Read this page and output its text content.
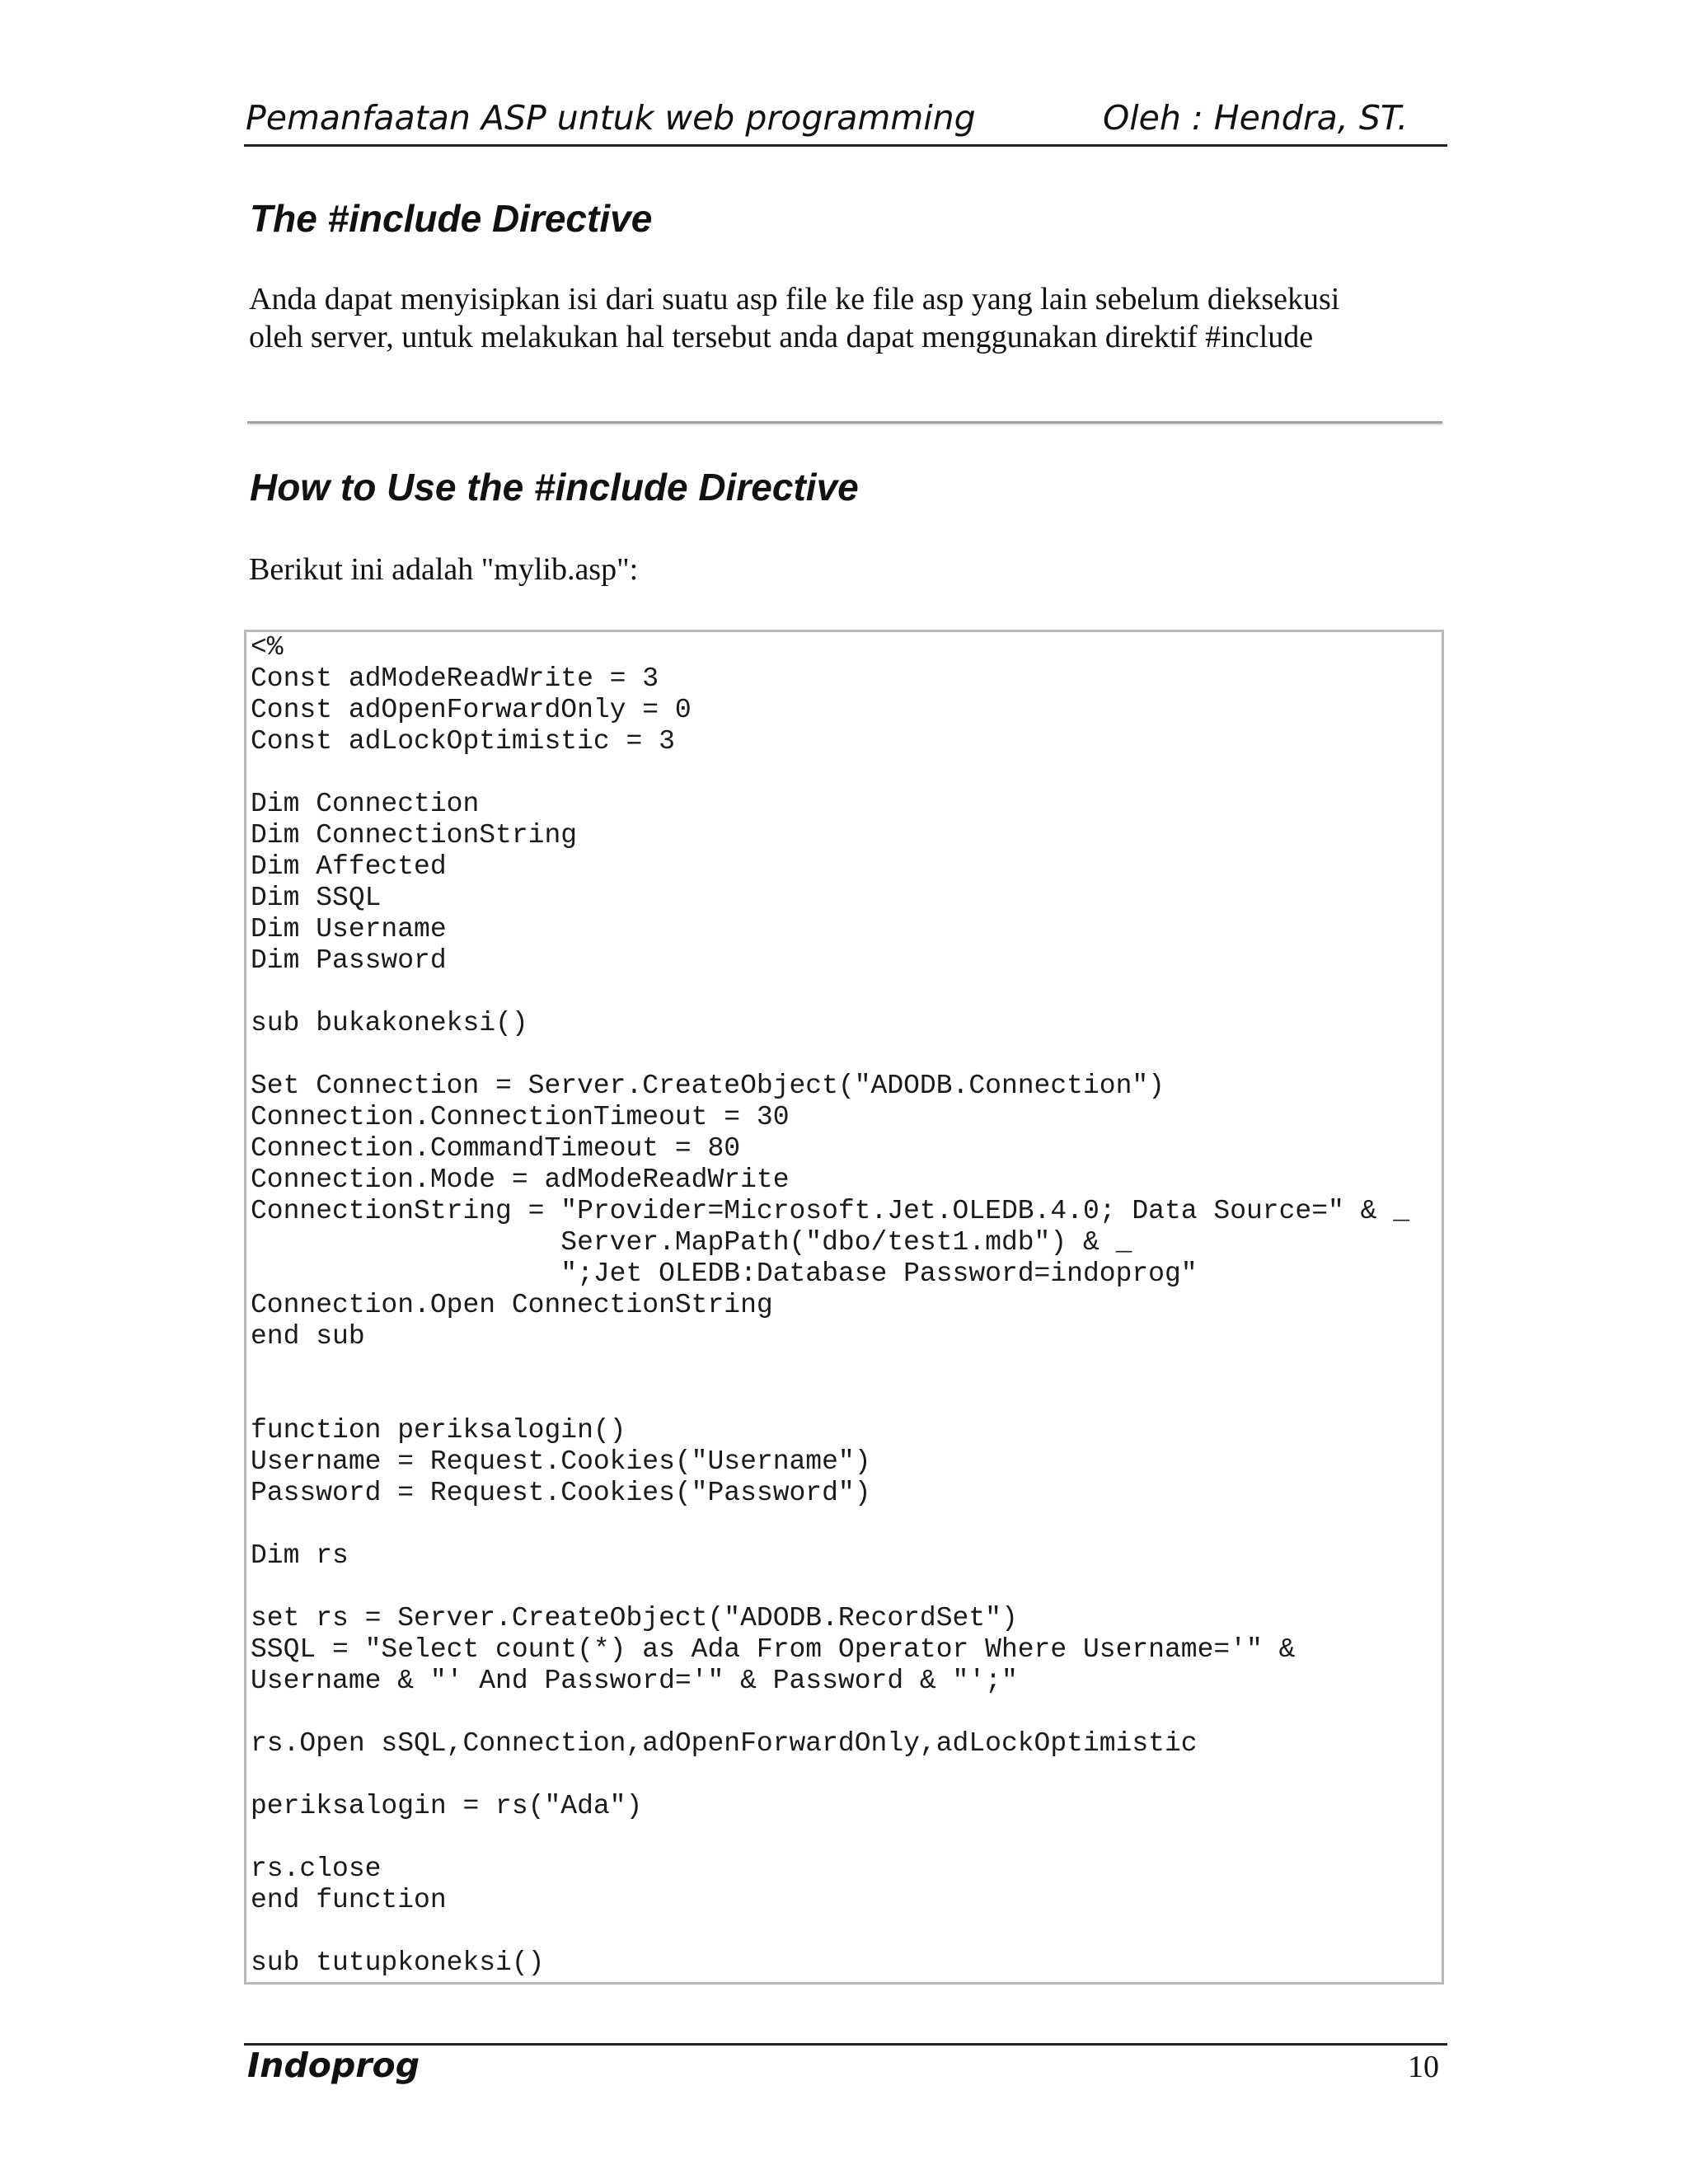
Pemanfaatan ASP untuk web programming	Oleh : Hendra, ST.
The #include Directive
Anda dapat menyisipkan isi dari suatu asp file ke file asp yang lain sebelum dieksekusi
oleh server, untuk melakukan hal tersebut anda dapat menggunakan direktif #include
How to Use the #include Directive
Berikut ini adalah "mylib.asp":
<%
Const adModeReadWrite = 3
Const adOpenForwardOnly = 0
Const adLockOptimistic = 3
Dim Connection
Dim ConnectionString
Dim Affected
Dim SSQL
Dim Username
Dim Password
sub bukakoneksi()
Set Connection = Server.CreateObject("ADODB.Connection")
Connection.ConnectionTimeout = 30
Connection.CommandTimeout = 80
Connection.Mode = adModeReadWrite
ConnectionString = "Provider=Microsoft.Jet.OLEDB.4.0; Data Source=" & _
Server.MapPath("dbo/test1.mdb") & _
";Jet OLEDB:Database Password=indoprog"
Connection.Open ConnectionString
end sub
function periksalogin()
Username = Request.Cookies("Username")
Password = Request.Cookies("Password")
Dim rs
set rs = Server.CreateObject("ADODB.RecordSet")
SSQL = "Select count(*) as Ada From Operator Where Username='" &
Username & "' And Password='" & Password & "';"
rs.Open sSQL,Connection,adOpenForwardOnly,adLockOptimistic
periksalogin = rs("Ada")
rs.close
end function
sub tutupkoneksi()
Indoprog	10
